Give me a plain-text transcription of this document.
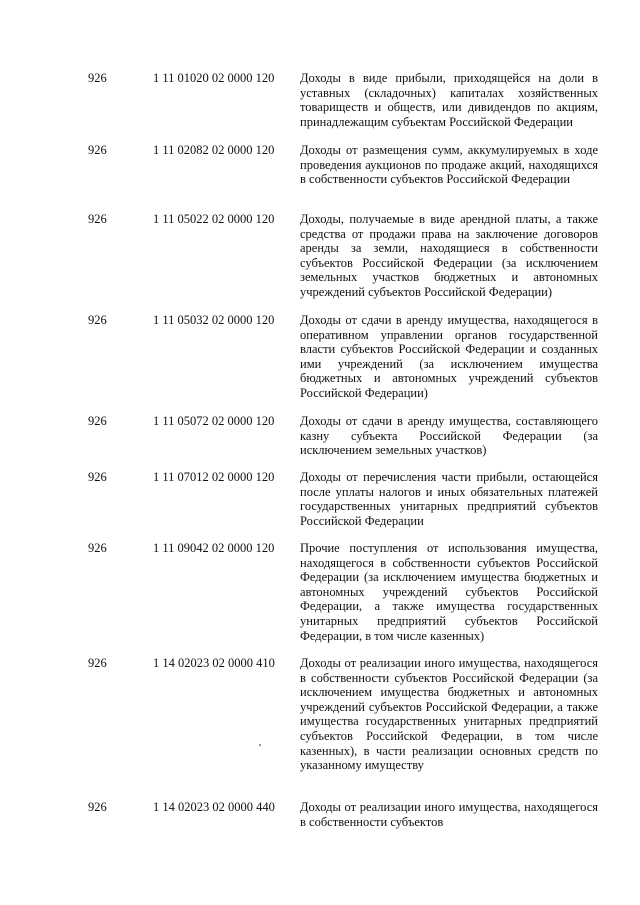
926	1 11 01020 02 0000 120 Доходы в виде прибыли, приходящейся на доли в уставных (складочных) капиталах хозяйственных товариществ и обществ, или дивидендов по акциям, принадлежащим субъектам Российской Федерации
926	1 11 02082 02 0000 120 Доходы от размещения сумм, аккумулируемых в ходе проведения аукционов по продаже акций, находящихся в собственности субъектов Российской Федерации
926	1 11 05022 02 0000 120 Доходы, получаемые в виде арендной платы, а также средства от продажи права на заключение договоров аренды за земли, находящиеся в собственности субъектов Российской Федерации (за исключением земельных участков бюджетных и автономных учреждений субъектов Российской Федерации)
926	1 11 05032 02 0000 120 Доходы от сдачи в аренду имущества, находящегося в оперативном управлении органов государственной власти субъектов Российской Федерации и созданных ими учреждений (за исключением имущества бюджетных и автономных учреждений субъектов Российской Федерации)
926	1 11 05072 02 0000 120 Доходы от сдачи в аренду имущества, составляющего казну субъекта Российской Федерации (за исключением земельных участков)
926	1 11 07012 02 0000 120 Доходы от перечисления части прибыли, остающейся после уплаты налогов и иных обязательных платежей государственных унитарных предприятий субъектов Российской Федерации
926	1 11 09042 02 0000 120 Прочие поступления от использования имущества, находящегося в собственности субъектов Российской Федерации (за исключением имущества бюджетных и автономных учреждений субъектов Российской Федерации, а также имущества государственных унитарных предприятий субъектов Российской Федерации, в том числе казенных)
926	1 14 02023 02 0000 410 Доходы от реализации иного имущества, находящегося в собственности субъектов Российской Федерации (за исключением имущества бюджетных и автономных учреждений субъектов Российской Федерации, а также имущества государственных унитарных предприятий субъектов Российской Федерации, в том числе казенных), в части реализации основных средств по указанному имуществу
926	1 14 02023 02 0000 440 Доходы от реализации иного имущества, находящегося в собственности субъектов
